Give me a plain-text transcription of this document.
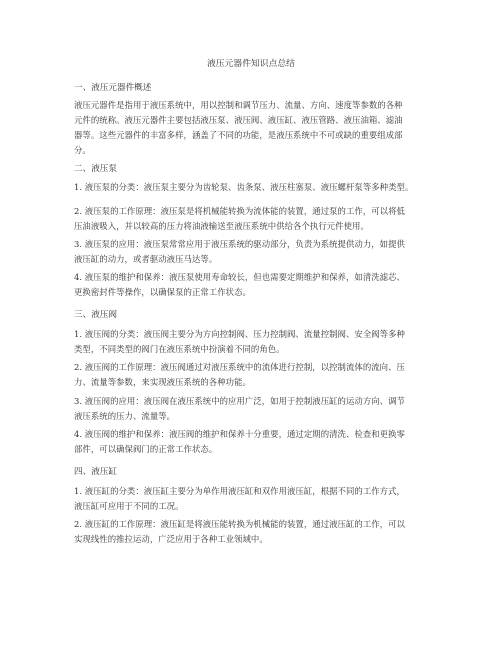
液压元器件知识点总结
一、液压元器件概述
液压元器件是指用于液压系统中，用以控制和调节压力、流量、方向、速度等参数的各种
元件的统称。液压元器件主要包括液压泵、液压阀、液压缸、液压管路、液压油箱、滤油
器等。这些元器件的丰富多样，涵盖了不同的功能，是液压系统中不可或缺的重要组成部
分。
二、液压泵
1. 液压泵的分类：液压泵主要分为齿轮泵、齿条泵、液压柱塞泵、液压螺杆泵等多种类型。
2. 液压泵的工作原理：液压泵是将机械能转换为流体能的装置，通过泵的工作，可以将低
压油液吸入，并以较高的压力将油液输送至液压系统中供给各个执行元件使用。
3. 液压泵的应用：液压泵常常应用于液压系统的驱动部分，负责为系统提供动力，如提供
液压缸的动力，或者驱动液压马达等。
4. 液压泵的维护和保养：液压泵使用寿命较长，但也需要定期维护和保养，如清洗滤芯、
更换密封件等操作，以确保泵的正常工作状态。
三、液压阀
1. 液压阀的分类：液压阀主要分为方向控制阀、压力控制阀、流量控制阀、安全阀等多种
类型，不同类型的阀门在液压系统中扮演着不同的角色。
2. 液压阀的工作原理：液压阀通过对液压系统中的流体进行控制，以控制流体的流向、压
力、流量等参数，来实现液压系统的各种功能。
3. 液压阀的应用：液压阀在液压系统中的应用广泛，如用于控制液压缸的运动方向、调节
液压系统的压力、流量等。
4. 液压阀的维护和保养：液压阀的维护和保养十分重要，通过定期的清洗、检查和更换零
部件，可以确保阀门的正常工作状态。
四、液压缸
1. 液压缸的分类：液压缸主要分为单作用液压缸和双作用液压缸，根据不同的工作方式，
液压缸可应用于不同的工况。
2. 液压缸的工作原理：液压缸是将液压能转换为机械能的装置，通过液压缸的工作，可以
实现线性的推拉运动，广泛应用于各种工业领域中。
